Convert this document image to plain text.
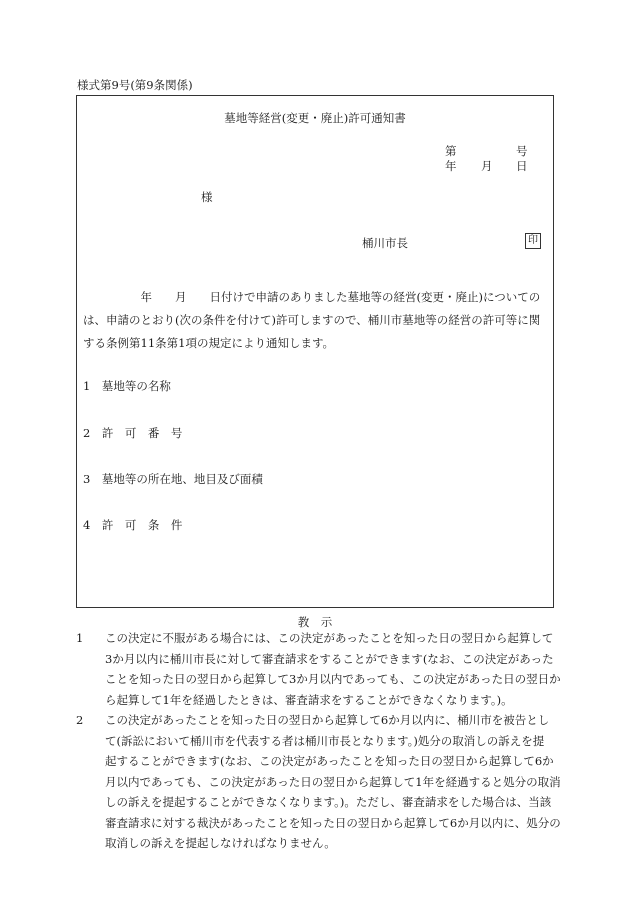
様式第9号(第9条関係)
墓地等経営(変更・廃止)許可通知書
第	号
年 月 日
様
桶川市長	印

　　　　　年　　月　　日付けで申請のありました墓地等の経営(変更・廃止)についての

は、申請のとおり(次の条件を付けて)許可しますので、桶川市墓地等の経営の許可等に関

する条例第11条第1項の規定により通知します。

1　墓地等の名称
2　許　可　番　号
3　墓地等の所在地、地目及び面積
4　許　可　条　件
教　示
1	この決定に不服がある場合には、この決定があったことを知った日の翌日から起算して

3か月以内に桶川市長に対して審査請求をすることができます(なお、この決定があった

ことを知った日の翌日から起算して3か月以内であっても、この決定があった日の翌日か

ら起算して1年を経過したときは、審査請求をすることができなくなります。)。

2	この決定があったことを知った日の翌日から起算して6か月以内に、桶川市を被告とし

て(訴訟において桶川市を代表する者は桶川市長となります。)処分の取消しの訴えを提

起することができます(なお、この決定があったことを知った日の翌日から起算して6か

月以内であっても、この決定があった日の翌日から起算して1年を経過すると処分の取消

しの訴えを提起することができなくなります。)。ただし、審査請求をした場合は、当該

審査請求に対する裁決があったことを知った日の翌日から起算して6か月以内に、処分の

取消しの訴えを提起しなければなりません。
